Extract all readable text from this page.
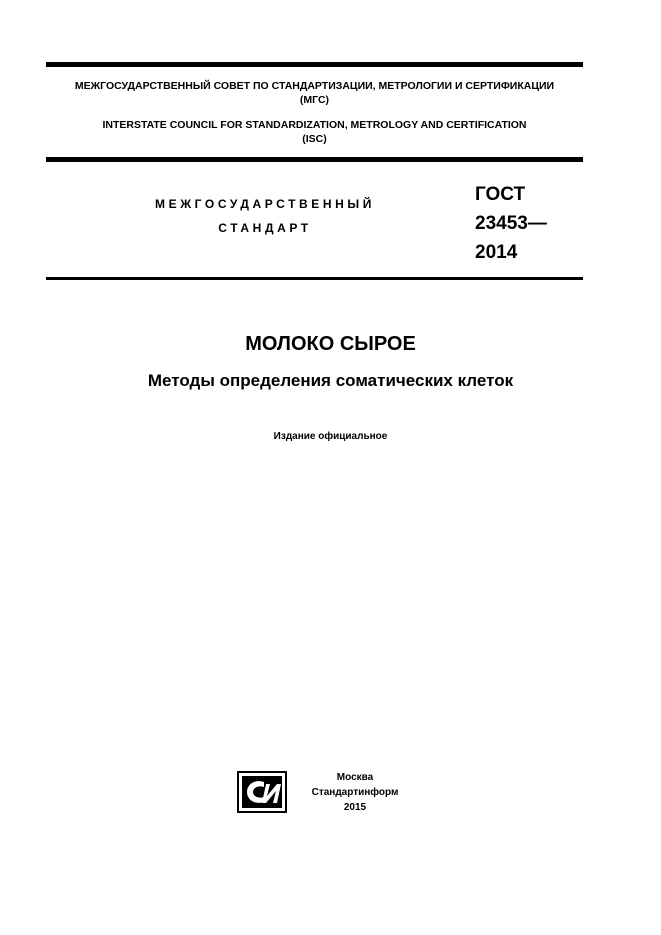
МЕЖГОСУДАРСТВЕННЫЙ СОВЕТ ПО СТАНДАРТИЗАЦИИ, МЕТРОЛОГИИ И СЕРТИФИКАЦИИ
(МГС)
INTERSTATE COUNCIL FOR STANDARDIZATION, METROLOGY AND CERTIFICATION
(ISC)
МЕЖГОСУДАРСТВЕННЫЙ
СТАНДАРТ
ГОСТ
23453—
2014
МОЛОКО СЫРОЕ
Методы определения соматических клеток
Издание официальное
Москва
Стандартинформ
2015
